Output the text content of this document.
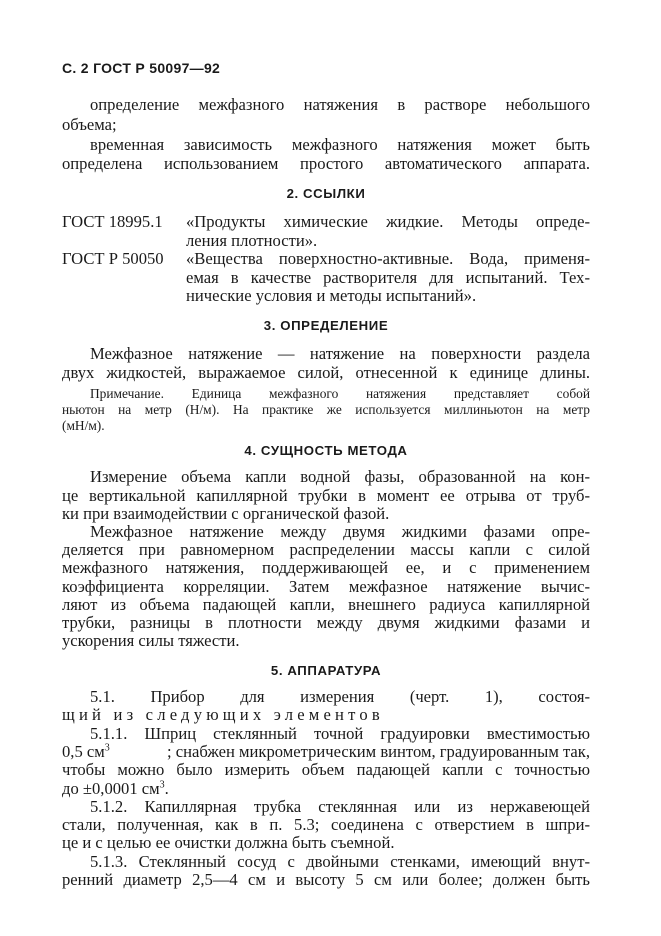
С. 2 ГОСТ Р 50097—92
определение межфазного натяжения в растворе небольшого
объема;
временная зависимость межфазного натяжения может быть
определена использованием простого автоматического аппарата.
2. ССЫЛКИ
ГОСТ 18995.1 «Продукты химические жидкие. Методы опреде-
ления плотности».
ГОСТ Р 50050 «Вещества поверхностно-активные. Вода, применя-
емая в качестве растворителя для испытаний. Тех-
нические условия и методы испытаний».
3. ОПРЕДЕЛЕНИЕ
Межфазное натяжение — натяжение на поверхности раздела
двух жидкостей, выражаемое силой, отнесенной к единице длины.
Примечание. Единица межфазного натяжения представляет собой
ньютон на метр (Н/м). На практике же используется миллиньютон на метр
(мН/м).
4. СУЩНОСТЬ МЕТОДА
Измерение объема капли водной фазы, образованной на кон-
це вертикальной капиллярной трубки в момент ее отрыва от труб-
ки при взаимодействии с органической фазой.
Межфазное натяжение между двумя жидкими фазами опре-
деляется при равномерном распределении массы капли с силой
межфазного натяжения, поддерживающей ее, и с применением
коэффициента корреляции. Затем межфазное натяжение вычис-
ляют из объема падающей капли, внешнего радиуса капиллярной
трубки, разницы в плотности между двумя жидкими фазами и
ускорения силы тяжести.
5. АППАРАТУРА
5.1. Прибор для измерения (черт. 1), состоя-
щий из следующих элементов
5.1.1. Шприц стеклянный точной градуировки вместимостью
0,5 $см^3$	; снабжен микрометрическим винтом, градуированным так,
чтобы можно было измерить объем падающей капли с точностью
до ±0,0001 $см^3$.
5.1.2. Капиллярная трубка стеклянная или из нержавеющей
стали, полученная, как в п. 5.3; соединена с отверстием в шпри-
це и с целью ее очистки должна быть съемной.
5.1.3. Стеклянный сосуд с двойными стенками, имеющий внут-
ренний диаметр 2,5—4 см и высоту 5 см или более; должен быть
